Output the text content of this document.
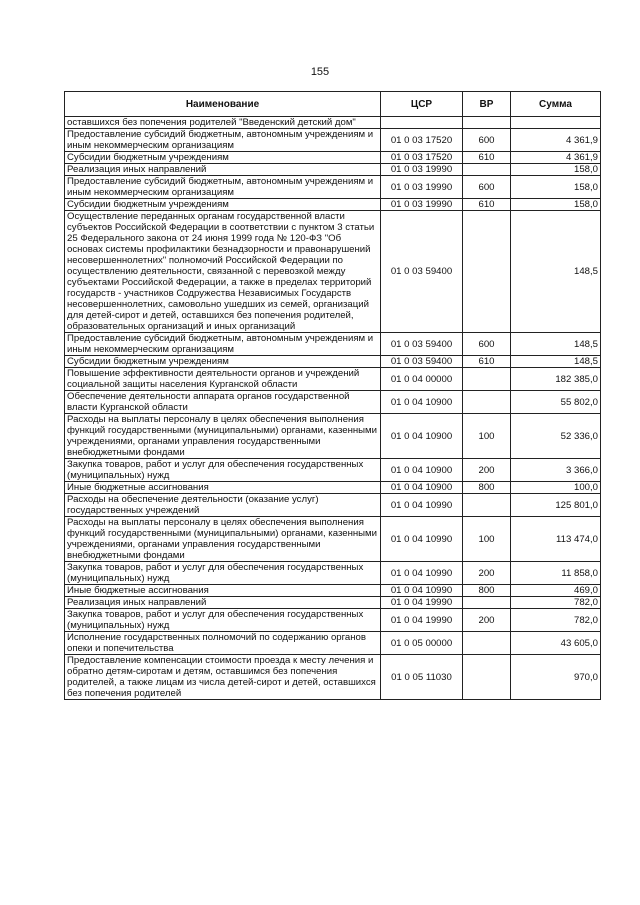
155
Наименование	ЦСР	ВР	Сумма
оставшихся без попечения родителей "Введенский детский дом"			
Предоставление субсидий бюджетным, автономным учреждениям и иным некоммерческим организациям	01 0 03 17520	600	4 361,9
Субсидии бюджетным учреждениям	01 0 03 17520	610	4 361,9
Реализация иных направлений	01 0 03 19990		158,0
Предоставление субсидий бюджетным, автономным учреждениям и иным некоммерческим организациям	01 0 03 19990	600	158,0
Субсидии бюджетным учреждениям	01 0 03 19990	610	158,0
Осуществление переданных органам государственной власти субъектов Российской Федерации в соответствии с пунктом 3 статьи 25 Федерального закона от 24 июня 1999 года № 120-ФЗ "Об основах системы профилактики безнадзорности и правонарушений несовершеннолетних" полномочий Российской Федерации по осуществлению деятельности, связанной с перевозкой между субъектами Российской Федерации, а также в пределах территорий государств - участников Содружества Независимых Государств несовершеннолетних, самовольно ушедших из семей, организаций для детей-сирот и детей, оставшихся без попечения родителей, образовательных организаций и иных организаций	01 0 03 59400		148,5
Предоставление субсидий бюджетным, автономным учреждениям и иным некоммерческим организациям	01 0 03 59400	600	148,5
Субсидии бюджетным учреждениям	01 0 03 59400	610	148,5
Повышение эффективности деятельности органов и учреждений социальной защиты населения Курганской области	01 0 04 00000		182 385,0
Обеспечение деятельности аппарата органов государственной власти Курганской области	01 0 04 10900		55 802,0
Расходы на выплаты персоналу в целях обеспечения выполнения функций государственными (муниципальными) органами, казенными учреждениями, органами управления государственными внебюджетными фондами	01 0 04 10900	100	52 336,0
Закупка товаров, работ и услуг для обеспечения государственных (муниципальных) нужд	01 0 04 10900	200	3 366,0
Иные бюджетные ассигнования	01 0 04 10900	800	100,0
Расходы на обеспечение деятельности (оказание услуг) государственных учреждений	01 0 04 10990		125 801,0
Расходы на выплаты персоналу в целях обеспечения выполнения функций государственными (муниципальными) органами, казенными учреждениями, органами управления государственными внебюджетными фондами	01 0 04 10990	100	113 474,0
Закупка товаров, работ и услуг для обеспечения государственных (муниципальных) нужд	01 0 04 10990	200	11 858,0
Иные бюджетные ассигнования	01 0 04 10990	800	469,0
Реализация иных направлений	01 0 04 19990		782,0
Закупка товаров, работ и услуг для обеспечения государственных (муниципальных) нужд	01 0 04 19990	200	782,0
Исполнение государственных полномочий по содержанию органов опеки и попечительства	01 0 05 00000		43 605,0
Предоставление компенсации стоимости проезда к месту лечения и обратно детям-сиротам и детям, оставшимся без попечения родителей, а также лицам из числа детей-сирот и детей, оставшихся без попечения родителей	01 0 05 11030		970,0
